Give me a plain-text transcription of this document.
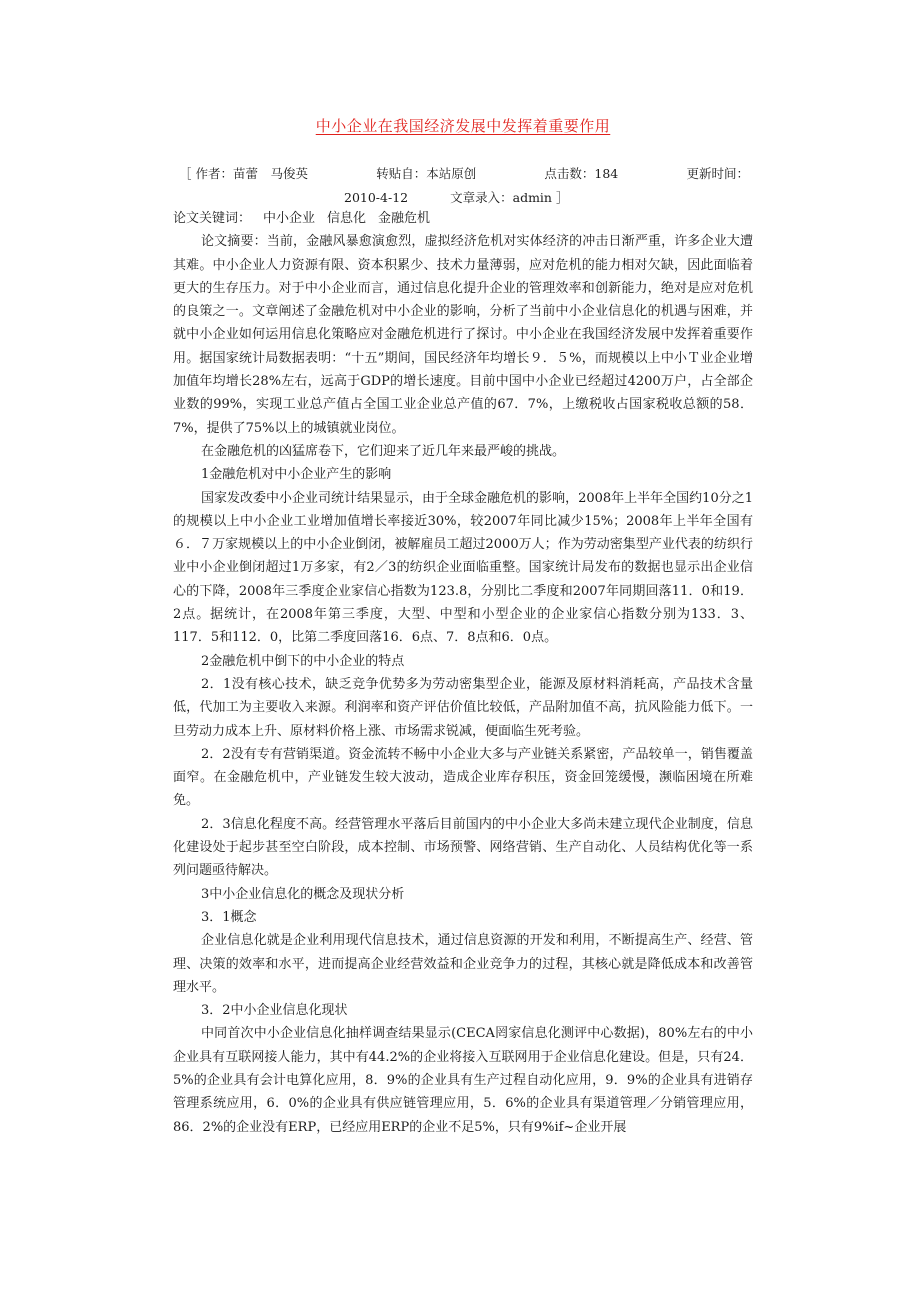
中小企业在我国经济发展中发挥着重要作用
［ 作者：苗蕾　马俊英	转贴自：本站原创	点击数：184	更新时间：
2010-4-12	文章录入：admin ］

论文关键词： 中小企业 信息化 金融危机

论文摘要：当前，金融风暴愈演愈烈，虚拟经济危机对实体经济的冲击日渐严重，许多企业大遭其难。中小企业人力资源有限、资本积累少、技术力量薄弱，应对危机的能力相对欠缺，因此面临着更大的生存压力。对于中小企业而言，通过信息化提升企业的管理效率和创新能力，绝对是应对危机的良策之一。文章阐述了金融危机对中小企业的影响，分析了当前中小企业信息化的机遇与困难，并就中小企业如何运用信息化策略应对金融危机进行了探讨。中小企业在我国经济发展中发挥着重要作用。据国家统计局数据表明：“十五”期间，国民经济年均增长９．５%，而规模以上中小Ｔ业企业增加值年均增长28%左右，远高于GDP的增长速度。目前中国中小企业已经超过4200万户，占全部企业数的99%，实现工业总产值占全国工业企业总产值的67．7%，上缴税收占国家税收总额的58．7%，提供了75%以上的城镇就业岗位。

在金融危机的凶猛席卷下，它们迎来了近几年来最严峻的挑战。

1金融危机对中小企业产生的影响

国家发改委中小企业司统计结果显示，由于全球金融危机的影响，2008年上半年全国约10分之1的规模以上中小企业工业增加值增长率接近30%，较2007年同比减少15%；2008年上半年全国有６．７万家规模以上的中小企业倒闭，被解雇员工超过2000万人；作为劳动密集型产业代表的纺织行业中小企业倒闭超过1万多家，有2／3的纺织企业面临重整。国家统计局发布的数据也显示出企业信心的下降，2008年三季度企业家信心指数为123.8，分别比二季度和2007年同期回落11．0和19．2点。据统计，在2008年第三季度，大型、中型和小型企业的企业家信心指数分别为133．3、117．5和112．0，比第二季度回落16．6点、7．8点和6．0点。

2金融危机中倒下的中小企业的特点

2．1没有核心技术，缺乏竞争优势多为劳动密集型企业，能源及原材料消耗高，产品技术含量低，代加工为主要收入来源。利润率和资产评估价值比较低，产品附加值不高，抗风险能力低下。一旦劳动力成本上升、原材料价格上涨、市场需求锐减，便面临生死考验。

2．2没有专有营销渠道。资金流转不畅中小企业大多与产业链关系紧密，产品较单一，销售覆盖面窄。在金融危机中，产业链发生较大波动，造成企业库存积压，资金回笼缓慢，濒临困境在所难免。

2．3信息化程度不高。经营管理水平落后目前国内的中小企业大多尚未建立现代企业制度，信息化建设处于起步甚至空白阶段，成本控制、市场预警、网络营销、生产自动化、人员结构优化等一系列问题亟待解决。

3中小企业信息化的概念及现状分析

3．1概念

企业信息化就是企业利用现代信息技术，通过信息资源的开发和利用，不断提高生产、经营、管理、决策的效率和水平，进而提高企业经营效益和企业竞争力的过程，其核心就是降低成本和改善管理水平。

3．2中小企业信息化现状

中同首次中小企业信息化抽样调查结果显示(CECA罔家信息化测评中心数据)，80%左右的中小企业具有互联网接人能力，其中有44.2%的企业将接入互联网用于企业信息化建设。但是，只有24．5%的企业具有会计电算化应用，8．9%的企业具有生产过程自动化应用，9．9%的企业具有进销存管理系统应用，6．0%的企业具有供应链管理应用，5．6%的企业具有渠道管理／分销管理应用，86．2%的企业没有ERP，已经应用ERP的企业不足5%，只有9%if~企业开展
